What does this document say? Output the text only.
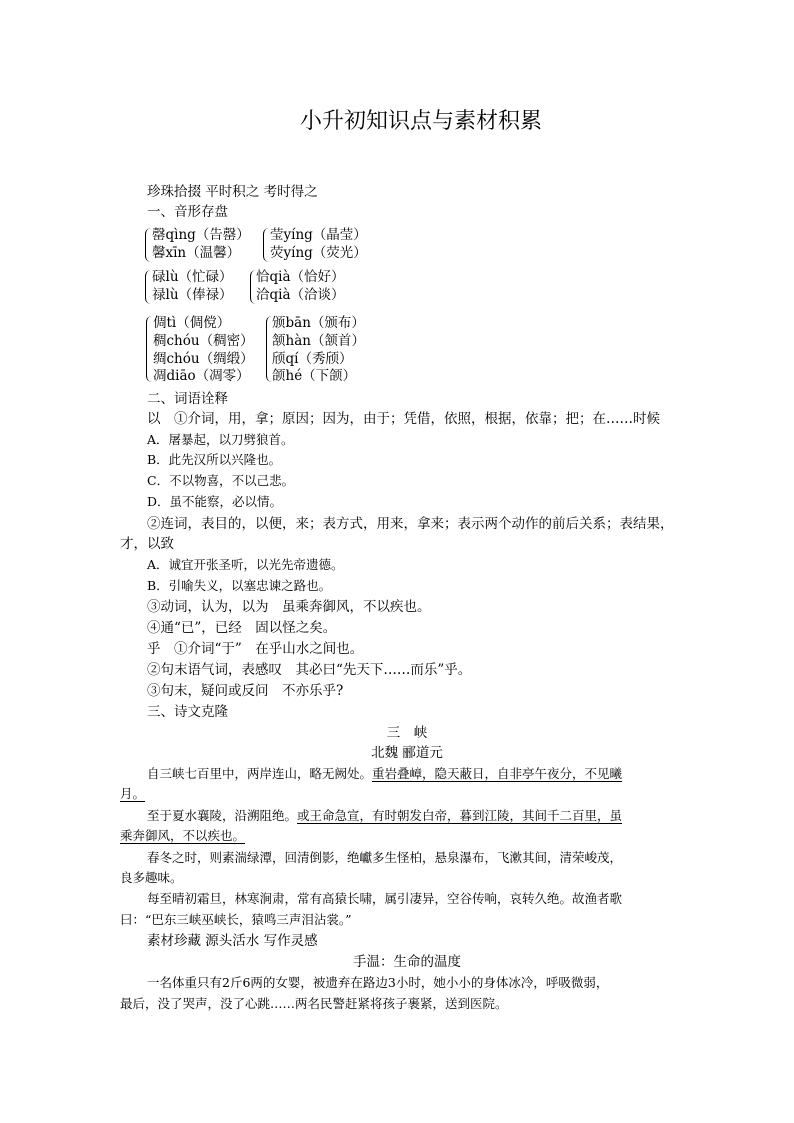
小升初知识点与素材积累
珍珠拾掇 平时积之 考时得之
一、音形存盘
罄qìng（告罄）
馨xīn（温馨）
莹yíng（晶莹）
荧yíng（荧光）
碌lù（忙碌）
禄lù（俸禄）
恰qià（恰好）
洽qià（洽谈）
倜tì（倜傥）
稠chóu（稠密）
绸chóu（绸缎）
凋diāo（凋零）
颁bān（颁布）
颔hàn（颔首）
颀qí（秀颀）
颌hé（下颌）
二、词语诠释
以　①介词，用，拿；原因；因为，由于；凭借，依照，根据，依靠；把；在……时候
A．屠暴起，以刀劈狼首。
B．此先汉所以兴隆也。
C．不以物喜，不以己悲。
D．虽不能察，必以情。
②连词，表目的，以便，来；表方式，用来，拿来；表示两个动作的前后关系；表结果，
才，以致
A．诚宜开张圣听，以光先帝遗德。
B．引喻失义，以塞忠谏之路也。
③动词，认为，以为　虽乘奔御风，不以疾也。
④通“已”，已经　固以怪之矣。
乎　①介词“于”　在乎山水之间也。
②句末语气词，表感叹　其必曰“先天下……而乐”乎。
③句末，疑问或反问　不亦乐乎?
三、诗文克隆
三　峡
北魏 郦道元
自三峡七百里中，两岸连山，略无阙处。重岩叠嶂，隐天蔽日，自非亭午夜分，不见曦
月。
至于夏水襄陵，沿溯阻绝。或王命急宣，有时朝发白帝，暮到江陵，其间千二百里，虽
乘奔御风，不以疾也。
春冬之时，则素湍绿潭，回清倒影，绝巘多生怪柏，悬泉瀑布，飞漱其间，清荣峻茂，
良多趣味。
每至晴初霜旦，林寒涧肃，常有高猿长啸，属引凄异，空谷传响，哀转久绝。故渔者歌
曰：“巴东三峡巫峡长，猿鸣三声泪沾裳。”
素材珍藏 源头活水 写作灵感
手温：生命的温度
一名体重只有2斤6两的女婴，被遗弃在路边3小时，她小小的身体冰冷，呼吸微弱，
最后，没了哭声，没了心跳……两名民警赶紧将孩子裹紧，送到医院。
